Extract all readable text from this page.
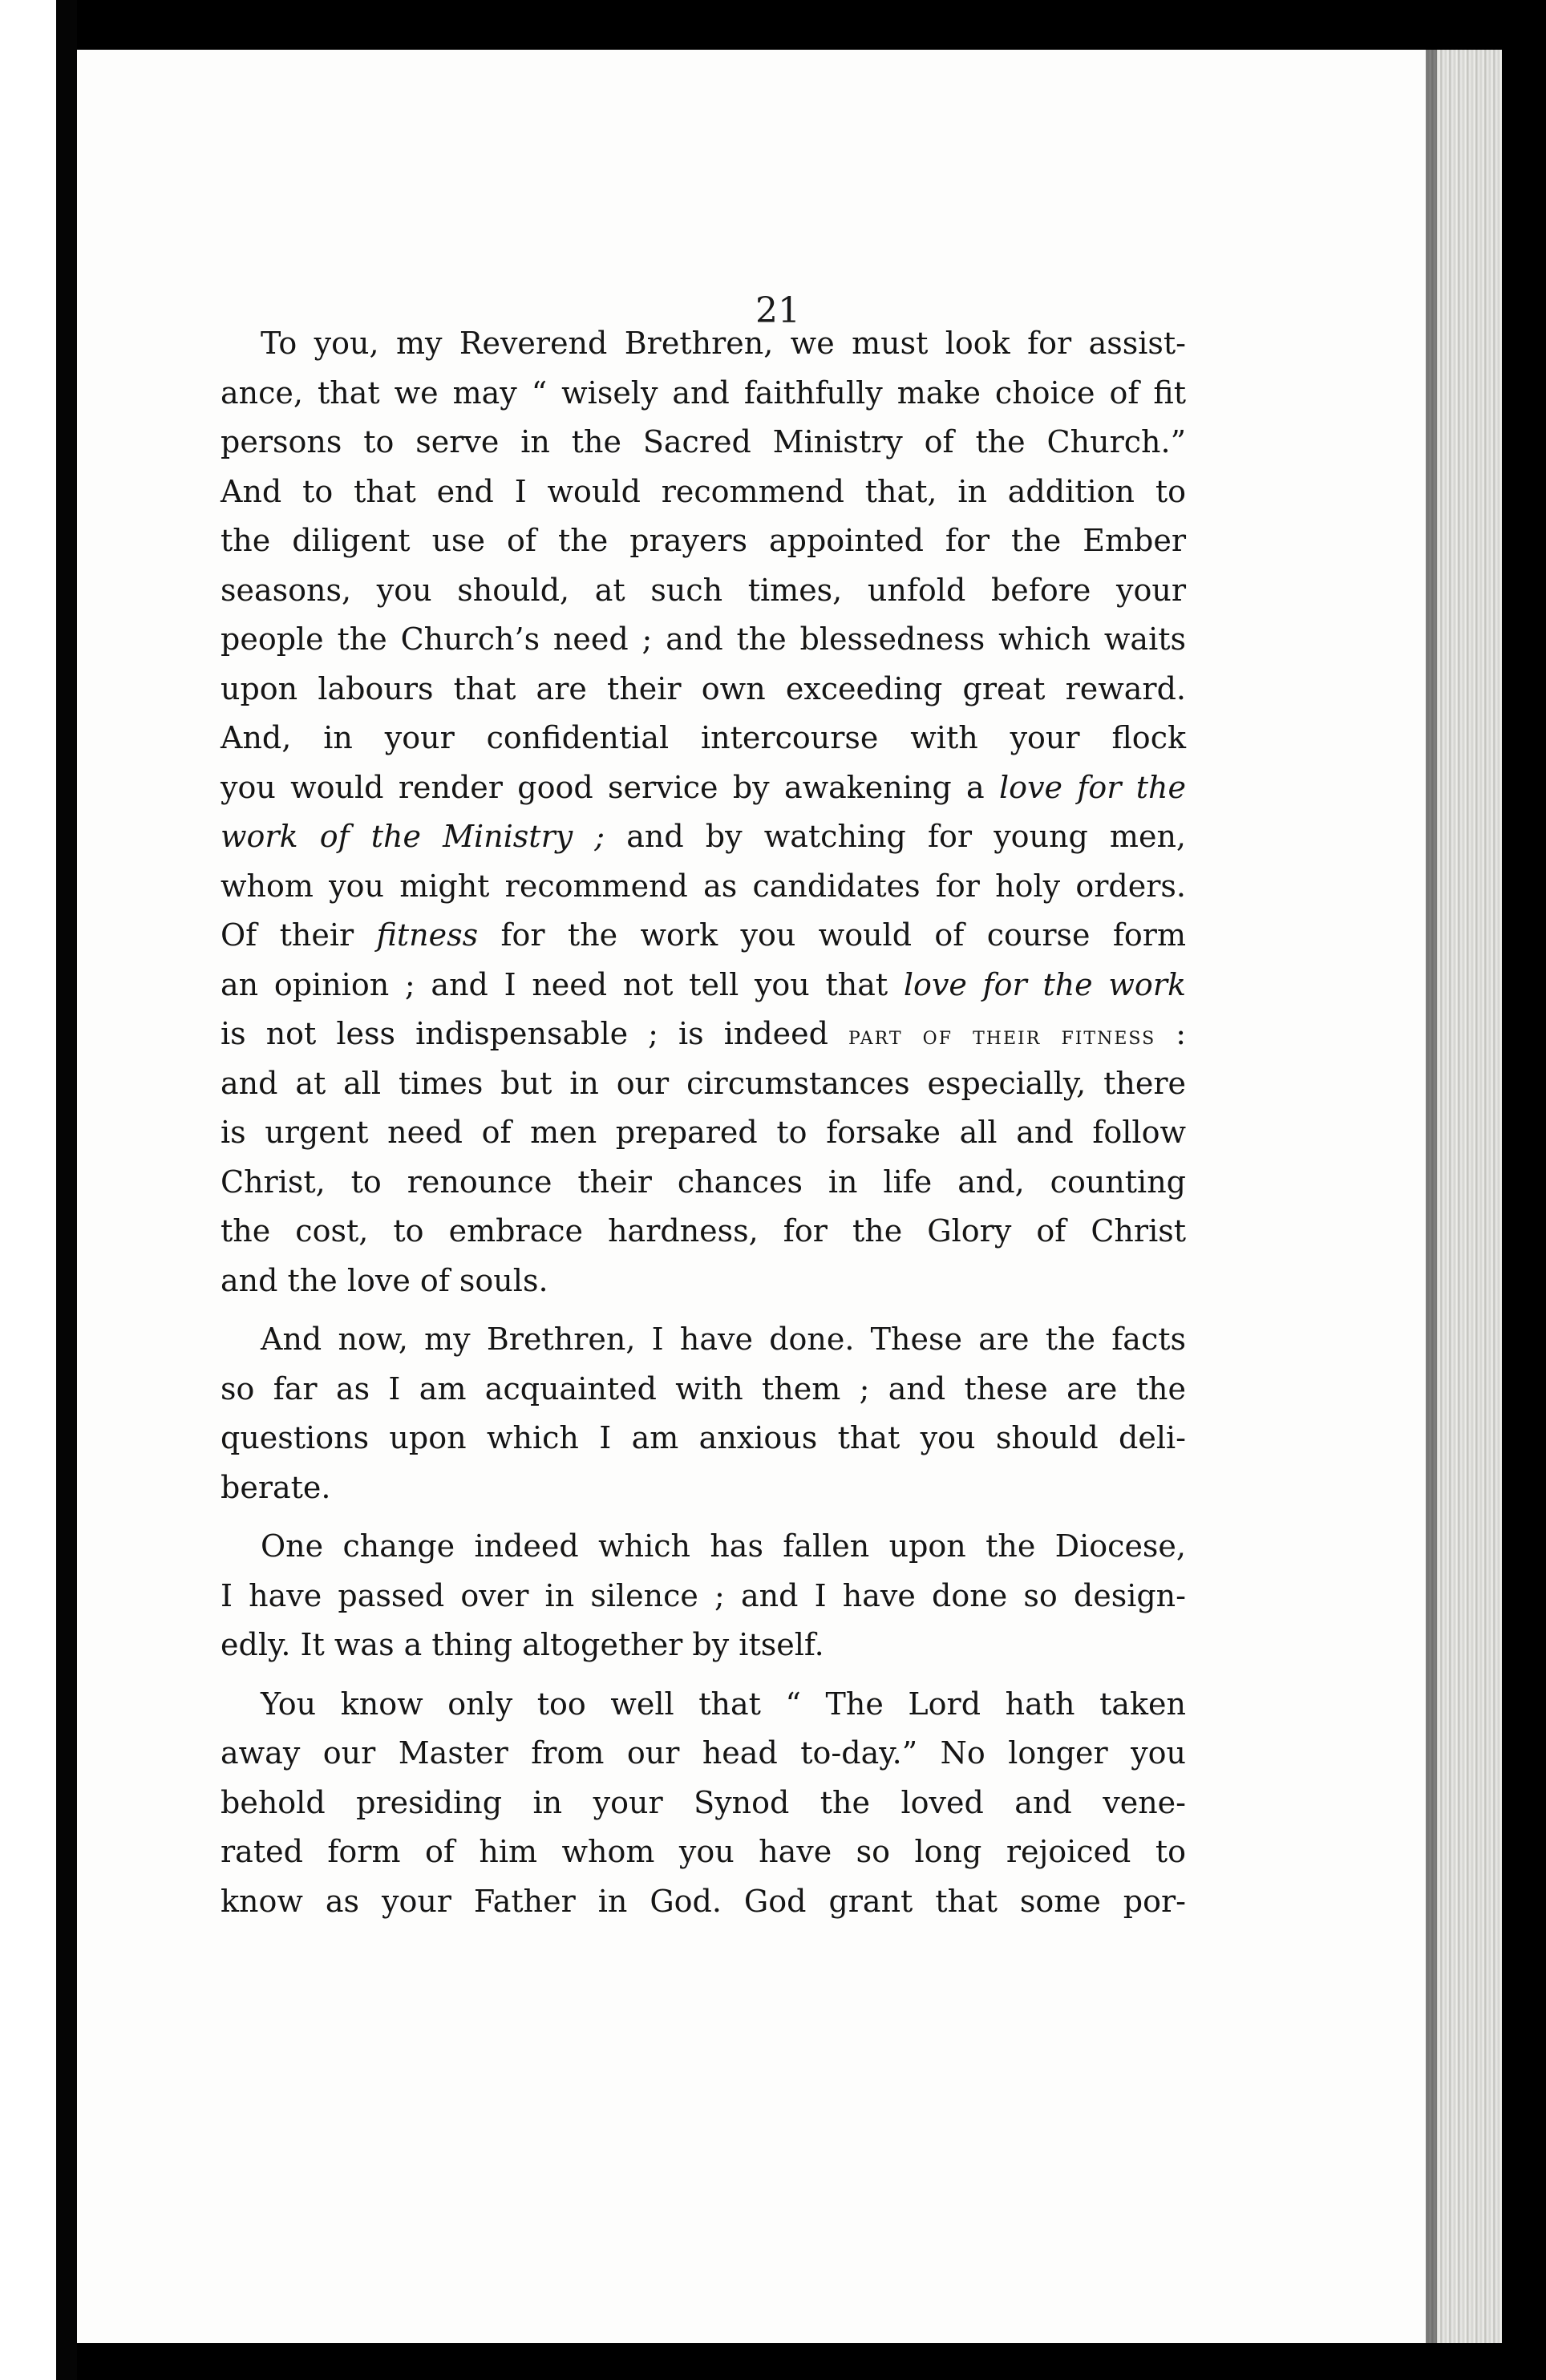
21
To you, my Reverend Brethren, we must look for assist-
ance, that we may “ wisely and faithfully make choice of fit
persons to serve in the Sacred Ministry of the Church.”
And to that end I would recommend that, in addition to
the diligent use of the prayers appointed for the Ember
seasons, you should, at such times, unfold before your
people the Church’s need ; and the blessedness which waits
upon labours that are their own exceeding great reward.
And, in your confidential intercourse with your flock
you would render good service by awakening a love for the
work of the Ministry ; and by watching for young men,
whom you might recommend as candidates for holy orders.
Of their fitness for the work you would of course form
an opinion ; and I need not tell you that love for the work
is not less indispensable ; is indeed part of their fitness :
and at all times but in our circumstances especially, there
is urgent need of men prepared to forsake all and follow
Christ, to renounce their chances in life and, counting
the cost, to embrace hardness, for the Glory of Christ
and the love of souls.
And now, my Brethren, I have done. These are the facts
so far as I am acquainted with them ; and these are the
questions upon which I am anxious that you should deli-
berate.
One change indeed which has fallen upon the Diocese,
I have passed over in silence ; and I have done so design-
edly. It was a thing altogether by itself.
You know only too well that “ The Lord hath taken
away our Master from our head to-day.” No longer you
behold presiding in your Synod the loved and vene-
rated form of him whom you have so long rejoiced to
know as your Father in God. God grant that some por-
